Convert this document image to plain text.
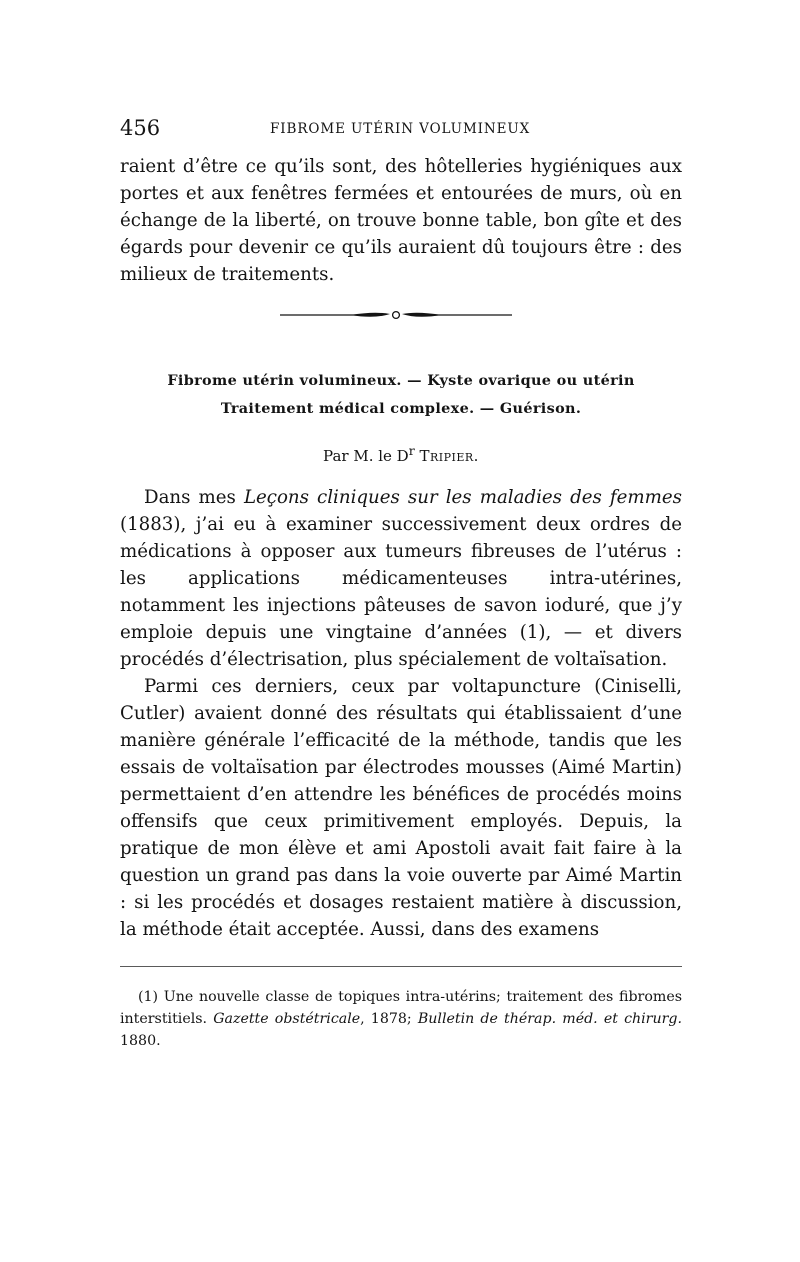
456	FIBROME UTÉRIN VOLUMINEUX

raient d’être ce qu’ils sont, des hôtelleries hygiéniques aux portes et aux fenêtres fermées et entourées de murs, où en échange de la liberté, on trouve bonne table, bon gîte et des égards pour devenir ce qu’ils auraient dû toujours être : des milieux de traitements.

Fibrome utérin volumineux. — Kyste ovarique ou utérin
Traitement médical complexe. — Guérison.
Par M. le $D^r$ Tripier.

Dans mes Leçons cliniques sur les maladies des femmes (1883), j’ai eu à examiner successivement deux ordres de médications à opposer aux tumeurs fibreuses de l’utérus : les applications médicamenteuses intra-utérines, notamment les injections pâteuses de savon ioduré, que j’y emploie depuis une vingtaine d’années (1), — et divers procédés d’électrisation, plus spécialement de voltaïsation.

Parmi ces derniers, ceux par voltapuncture (Ciniselli, Cutler) avaient donné des résultats qui établissaient d’une manière générale l’efficacité de la méthode, tandis que les essais de voltaïsation par électrodes mousses (Aimé Martin) permettaient d’en attendre les bénéfices de procédés moins offensifs que ceux primitivement employés. Depuis, la pratique de mon élève et ami Apostoli avait fait faire à la question un grand pas dans la voie ouverte par Aimé Martin : si les procédés et dosages restaient matière à discussion, la méthode était acceptée. Aussi, dans des examens

(1) Une nouvelle classe de topiques intra-utérins; traitement des fibromes interstitiels. Gazette obstétricale, 1878; Bulletin de thérap. méd. et chirurg. 1880.
